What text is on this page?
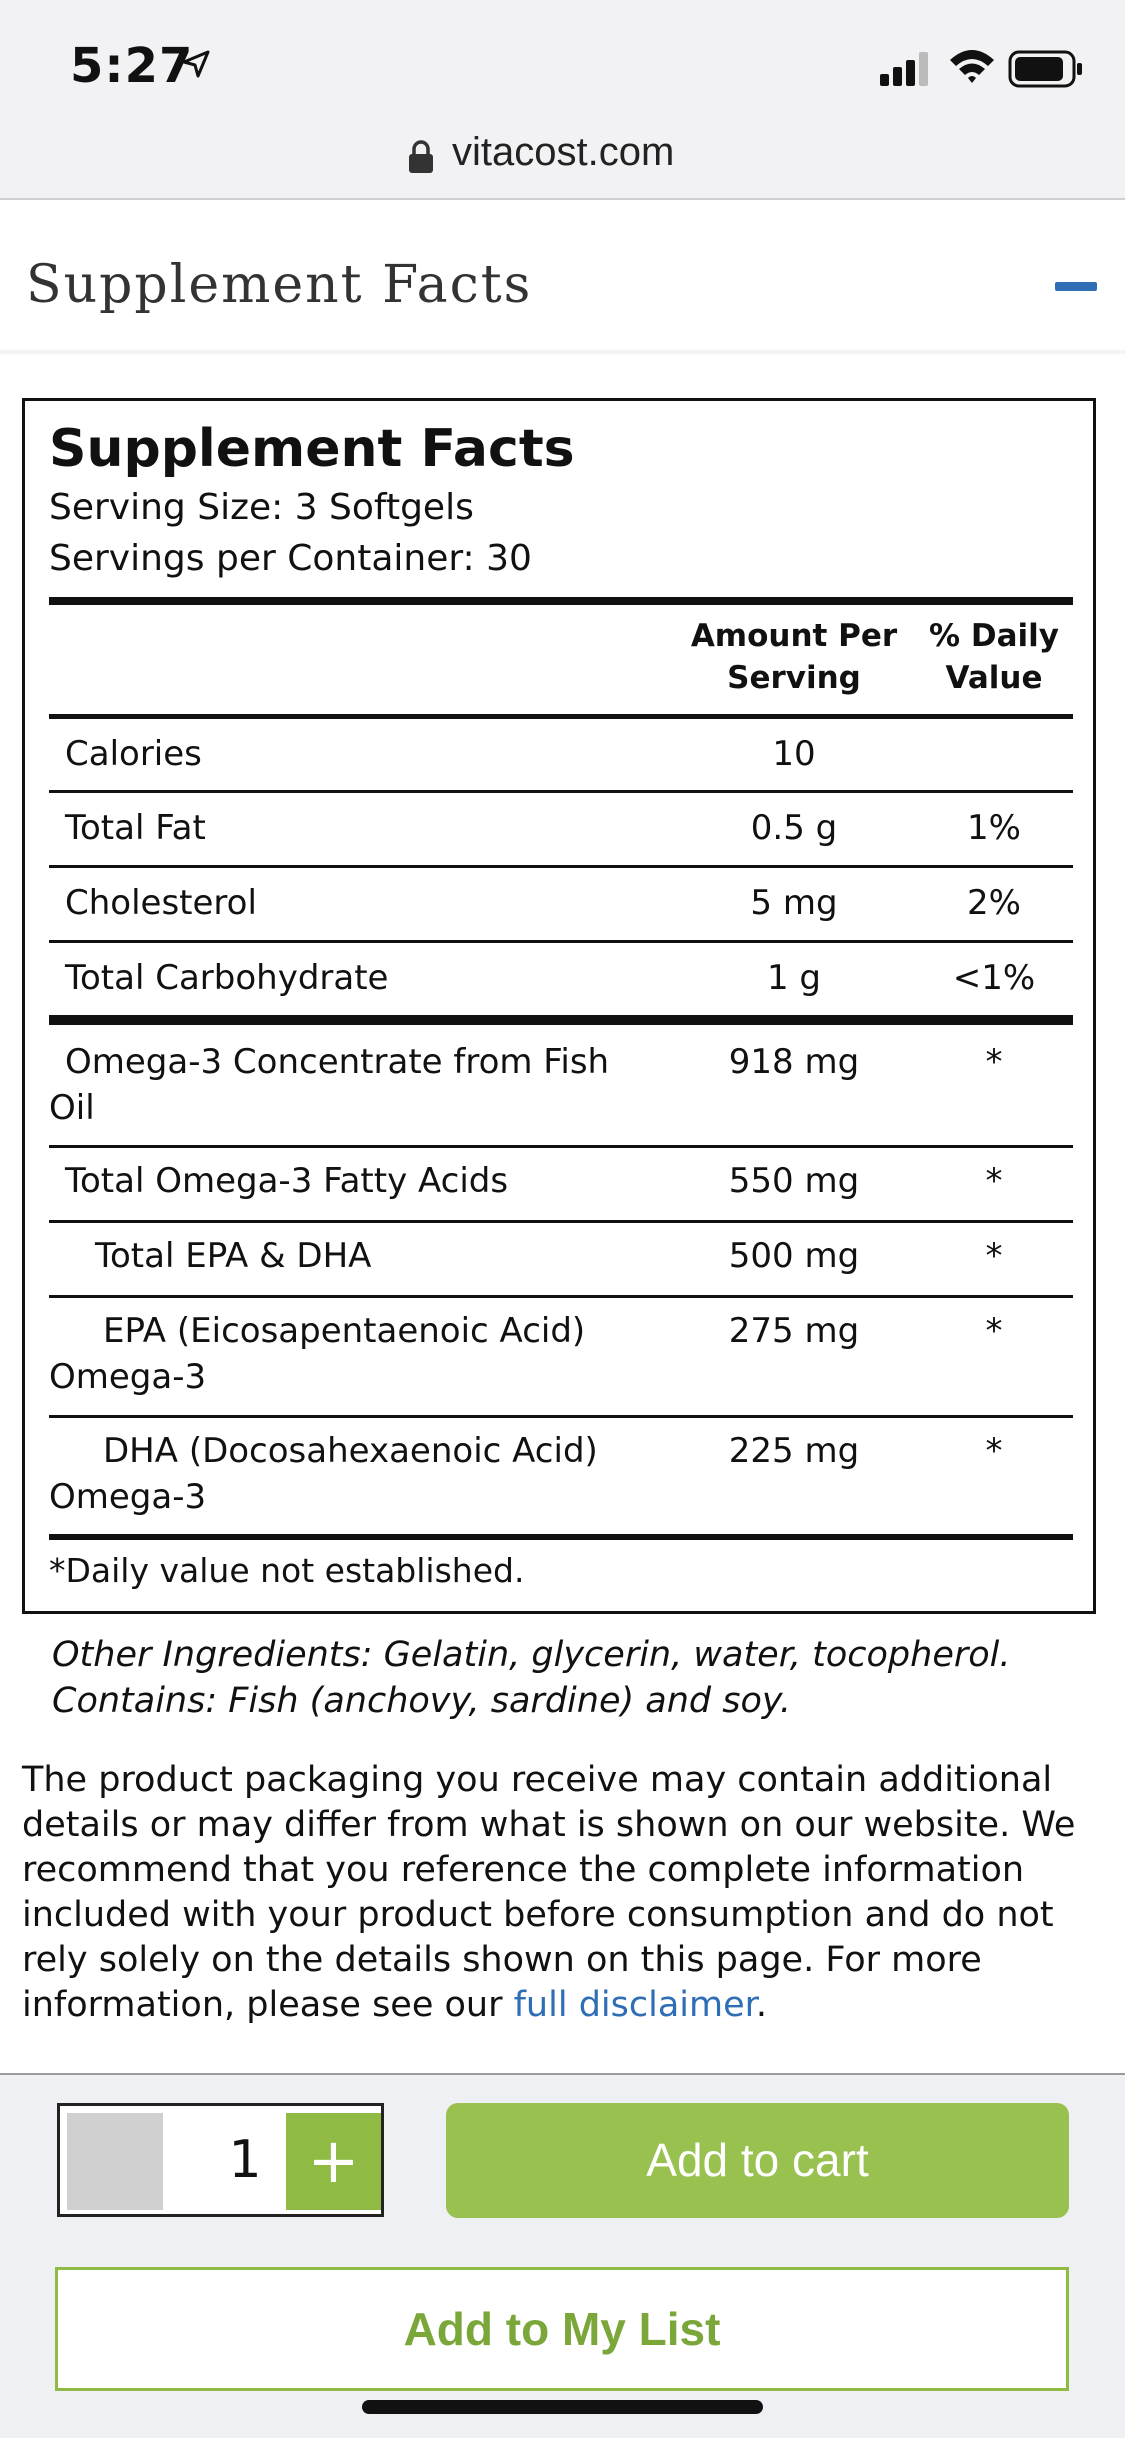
5:27
vitacost.com
Supplement Facts
Supplement Facts
Serving Size: 3 Softgels
Servings per Container: 30
Amount Per
Serving
% Daily
Value
Calories	10
Total Fat	0.5 g	1%
Cholesterol	5 mg	2%
Total Carbohydrate	1 g	<1%
Omega-3 Concentrate from Fish
Oil
918 mg	*
Total Omega-3 Fatty Acids	550 mg	*
Total EPA & DHA	500 mg	*
EPA (Eicosapentaenoic Acid)
Omega-3
275 mg	*
DHA (Docosahexaenoic Acid)
Omega-3
225 mg	*
*Daily value not established.
Other Ingredients: Gelatin, glycerin, water, tocopherol.
Contains: Fish (anchovy, sardine) and soy.
The product packaging you receive may contain additional details or may differ from what is shown on our website. We recommend that you reference the complete information included with your product before consumption and do not rely solely on the details shown on this page. For more information, please see our full disclaimer.
1 +	Add to cart
Add to My List
